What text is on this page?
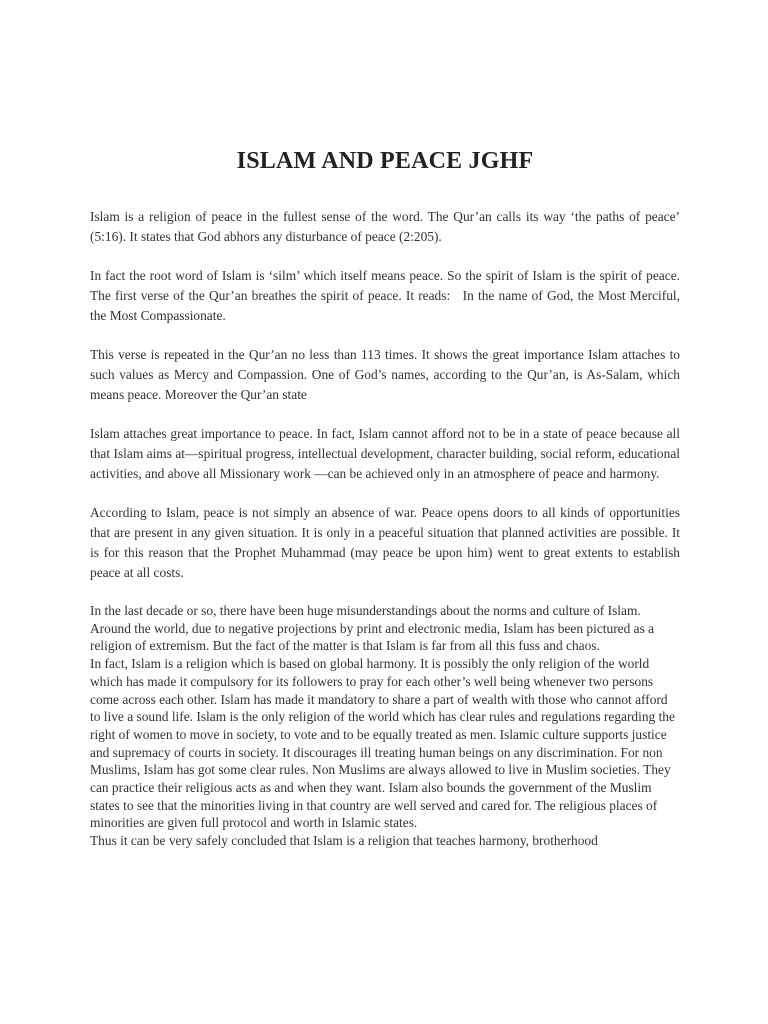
ISLAM AND PEACE JGHF

Islam is a religion of peace in the fullest sense of the word. The Qur’an calls its way ‘the paths of peace’ (5:16). It states that God abhors any disturbance of peace (2:205).

In fact the root word of Islam is ‘silm’ which itself means peace. So the spirit of Islam is the spirit of peace. The first verse of the Qur’an breathes the spirit of peace. It reads:   In the name of God, the Most Merciful, the Most Compassionate.

This verse is repeated in the Qur’an no less than 113 times. It shows the great importance Islam attaches to such values as Mercy and Compassion. One of God’s names, according to the Qur’an, is As-Salam, which means peace. Moreover the Qur’an state

Islam attaches great importance to peace. In fact, Islam cannot afford not to be in a state of peace because all that Islam aims at—spiritual progress, intellectual development, character building, social reform, educational activities, and above all Missionary work —can be achieved only in an atmosphere of peace and harmony.

According to Islam, peace is not simply an absence of war. Peace opens doors to all kinds of opportunities that are present in any given situation. It is only in a peaceful situation that planned activities are possible. It is for this reason that the Prophet Muhammad (may peace be upon him) went to great extents to establish peace at all costs.

In the last decade or so, there have been huge misunderstandings about the norms and culture of Islam. Around the world, due to negative projections by print and electronic media, Islam has been pictured as a religion of extremism. But the fact of the matter is that Islam is far from all this fuss and chaos.

In fact, Islam is a religion which is based on global harmony. It is possibly the only religion of the world which has made it compulsory for its followers to pray for each other’s well being whenever two persons come across each other. Islam has made it mandatory to share a part of wealth with those who cannot afford to live a sound life. Islam is the only religion of the world which has clear rules and regulations regarding the right of women to move in society, to vote and to be equally treated as men. Islamic culture supports justice and supremacy of courts in society. It discourages ill treating human beings on any discrimination. For non Muslims, Islam has got some clear rules. Non Muslims are always allowed to live in Muslim societies. They can practice their religious acts as and when they want. Islam also bounds the government of the Muslim states to see that the minorities living in that country are well served and cared for. The religious places of minorities are given full protocol and worth in Islamic states.

Thus it can be very safely concluded that Islam is a religion that teaches harmony, brotherhood
